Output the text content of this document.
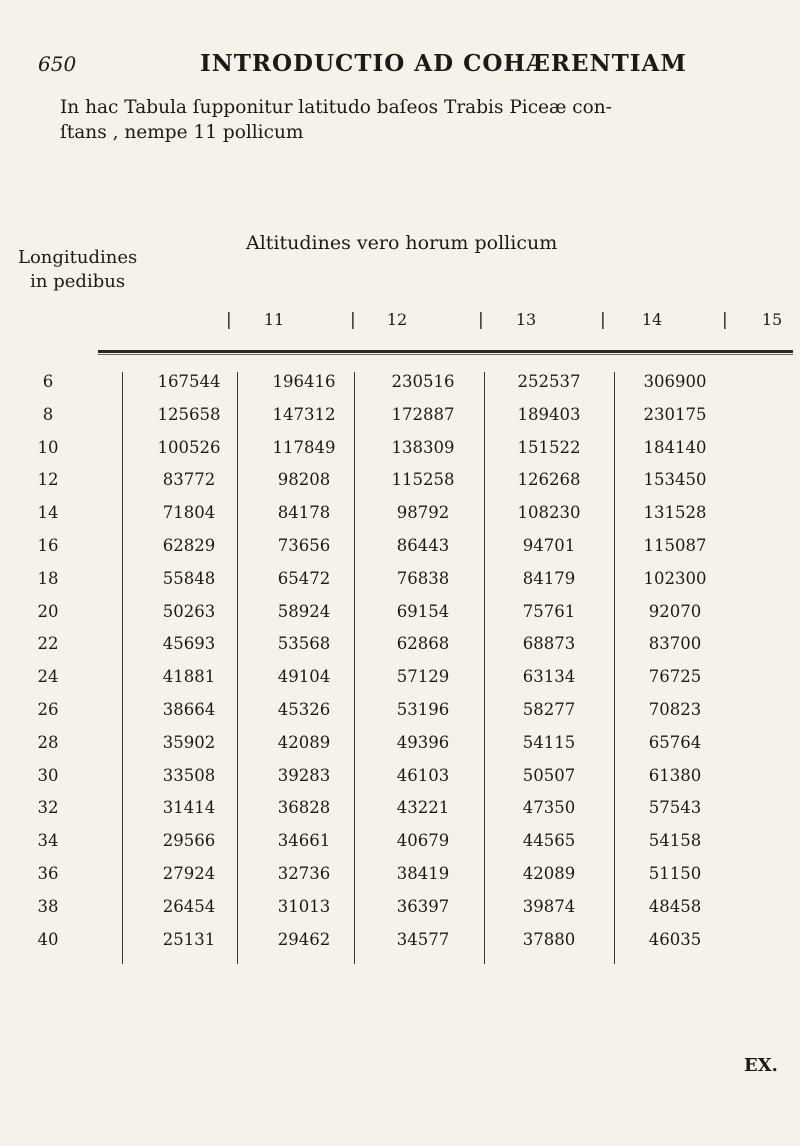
650	INTRODUCTIO AD COHÆRENTIAM
In hac Tabula ſupponitur latitudo baſeos Trabis Piceæ con-
ſtans , nempe 11 pollicum
Longitudines
in pedibus
Altitudines vero horum pollicum
|	|	|	|	|
11	12	13	14	15
6	167544	196416	230516	252537	306900
8	125658	147312	172887	189403	230175
10	100526	117849	138309	151522	184140
12	83772	98208	115258	126268	153450
14	71804	84178	98792	108230	131528
16	62829	73656	86443	94701	115087
18	55848	65472	76838	84179	102300
20	50263	58924	69154	75761	92070
22	45693	53568	62868	68873	83700
24	41881	49104	57129	63134	76725
26	38664	45326	53196	58277	70823
28	35902	42089	49396	54115	65764
30	33508	39283	46103	50507	61380
32	31414	36828	43221	47350	57543
34	29566	34661	40679	44565	54158
36	27924	32736	38419	42089	51150
38	26454	31013	36397	39874	48458
40	25131	29462	34577	37880	46035
EX.
